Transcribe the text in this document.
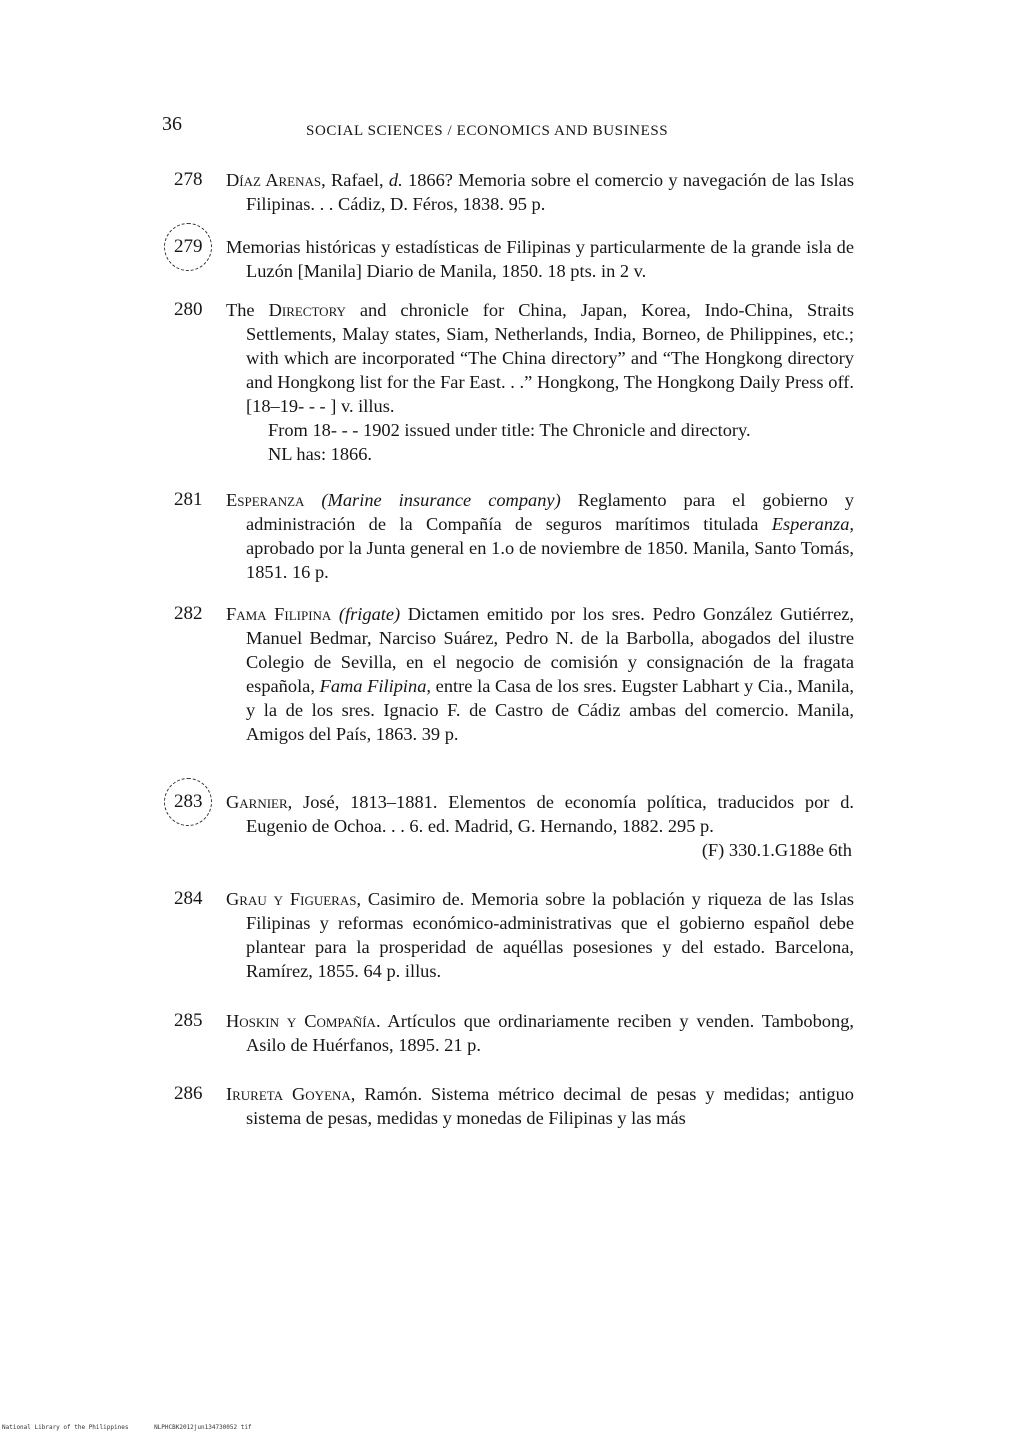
36	SOCIAL SCIENCES / ECONOMICS AND BUSINESS
278 Díaz Arenas, Rafael, d. 1866? Memoria sobre el comercio y navegación de las Islas Filipinas. . . Cádiz, D. Féros, 1838. 95 p.
279 Memorias históricas y estadísticas de Filipinas y particularmente de la grande isla de Luzón [Manila] Diario de Manila, 1850. 18 pts. in 2 v.
280 The Directory and chronicle for China, Japan, Korea, Indo-China, Straits Settlements, Malay states, Siam, Netherlands, India, Borneo, de Philippines, etc.; with which are incorporated “The China directory” and “The Hongkong directory and Hongkong list for the Far East. . .” Hongkong, The Hongkong Daily Press off. [18–19- - - ] v. illus.
From 18- - - 1902 issued under title: The Chronicle and directory.
NL has: 1866.
281 Esperanza (Marine insurance company) Reglamento para el gobierno y administración de la Compañía de seguros marítimos titulada Esperanza, aprobado por la Junta general en 1.o de noviembre de 1850. Manila, Santo Tomás, 1851. 16 p.
282 Fama Filipina (frigate) Dictamen emitido por los sres. Pedro González Gutiérrez, Manuel Bedmar, Narciso Suárez, Pedro N. de la Barbolla, abogados del ilustre Colegio de Sevilla, en el negocio de comisión y consignación de la fragata española, Fama Filipina, entre la Casa de los sres. Eugster Labhart y Cia., Manila, y la de los sres. Ignacio F. de Castro de Cádiz ambas del comercio. Manila, Amigos del País, 1863. 39 p.
283 Garnier, José, 1813–1881. Elementos de economía política, traducidos por d. Eugenio de Ochoa. . . 6. ed. Madrid, G. Hernando, 1882. 295 p.
(F) 330.1.G188e 6th
284 Grau y Figueras, Casimiro de. Memoria sobre la población y riqueza de las Islas Filipinas y reformas económico-administrativas que el gobierno español debe plantear para la prosperidad de aquéllas posesiones y del estado. Barcelona, Ramírez, 1855. 64 p. illus.
285 Hoskin y Compañía. Artículos que ordinariamente reciben y venden. Tambobong, Asilo de Huérfanos, 1895. 21 p.
286 Irureta Goyena, Ramón. Sistema métrico decimal de pesas y medidas; antiguo sistema de pesas, medidas y monedas de Filipinas y las más
National Library of the Philippines	NLPHCBK2012jun134730052 tif
